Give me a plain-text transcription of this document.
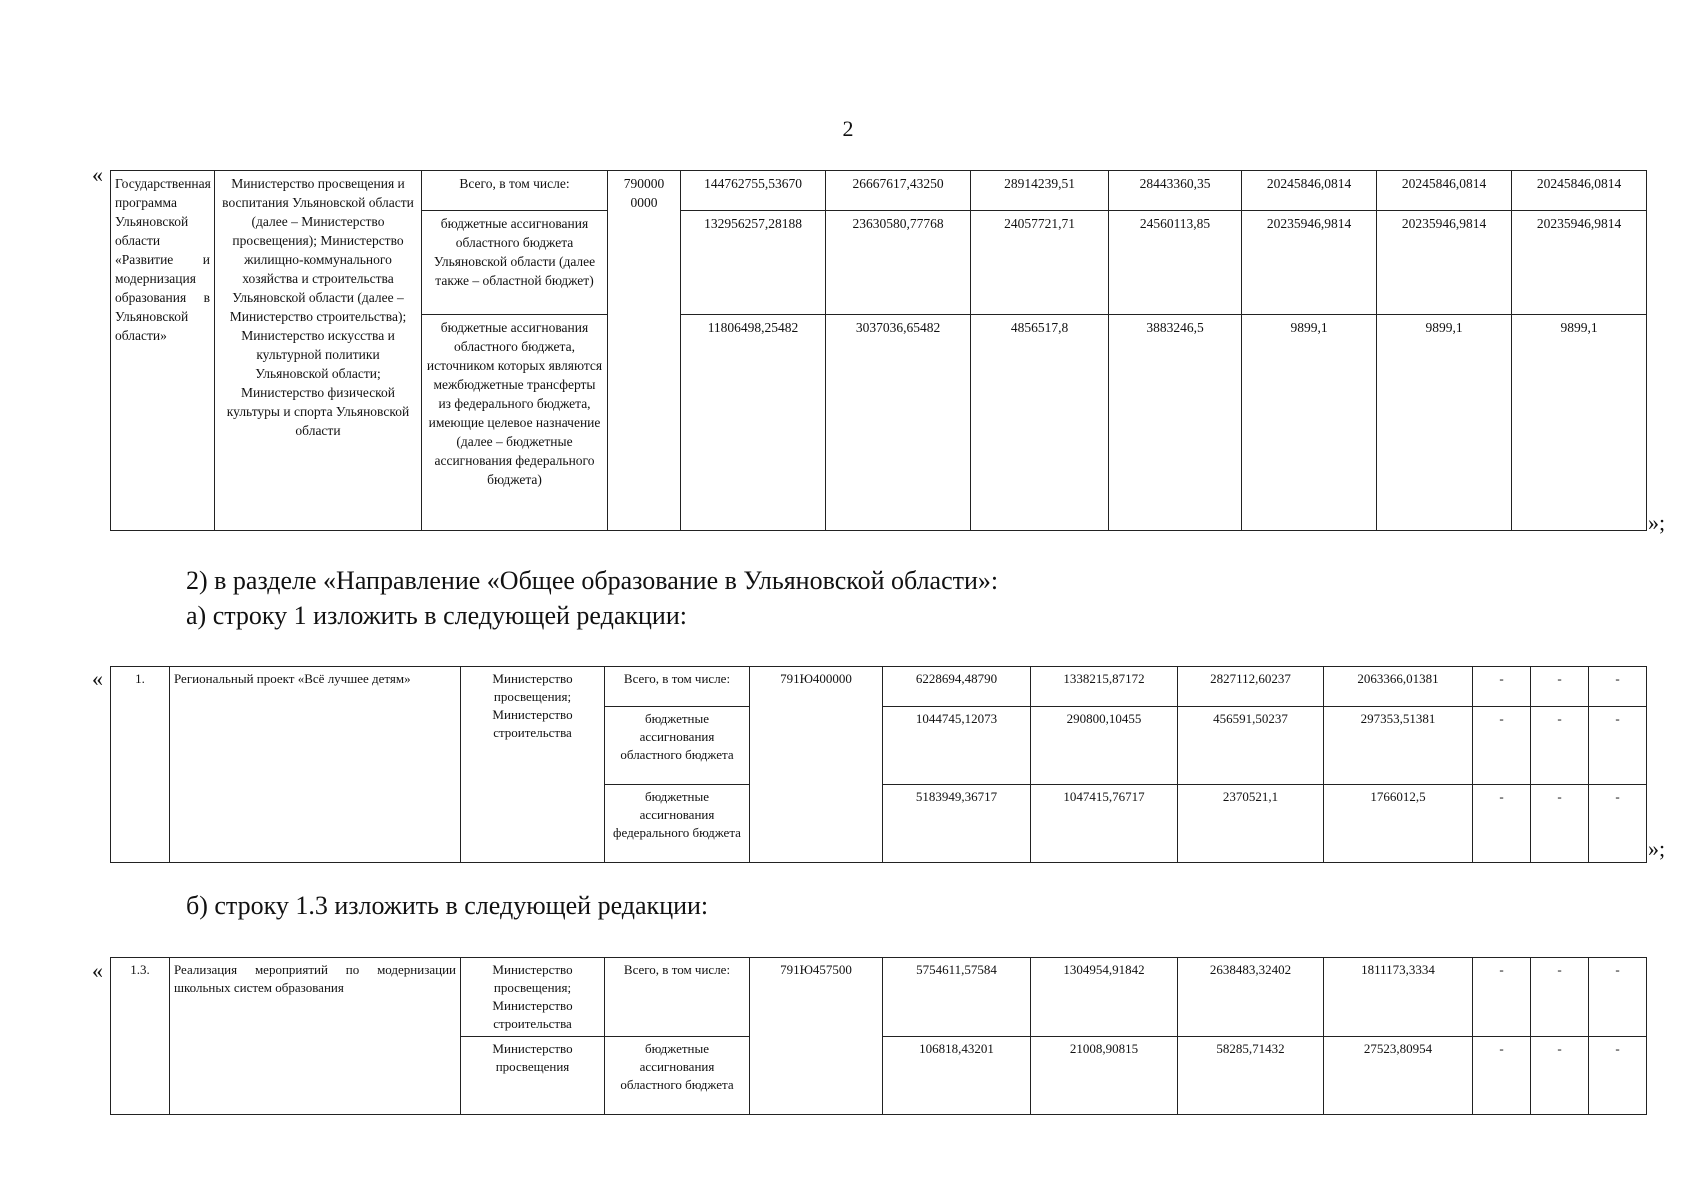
2
« Государственная программа Ульяновской области «Развитие и модернизация образования в Ульяновской области»	Министерство просвещения и воспитания Ульяновской области (далее – Министерство просвещения); Министерство жилищно-коммунального хозяйства и строительства Ульяновской области (далее – Министерство строительства); Министерство искусства и культурной политики Ульяновской области; Министерство физической культуры и спорта Ульяновской области	Всего, в том числе:	790000 0000	144762755,53670	26667617,43250	28914239,51	28443360,35	20245846,0814	20245846,0814	20245846,0814
		бюджетные ассигнования областного бюджета Ульяновской области (далее также – областной бюджет)		132956257,28188	23630580,77768	24057721,71	24560113,85	20235946,9814	20235946,9814	20235946,9814
		бюджетные ассигнования областного бюджета, источником которых являются межбюджетные трансферты из федерального бюджета, имеющие целевое назначение (далее – бюджетные ассигнования федерального бюджета)		11806498,25482	3037036,65482	4856517,8	3883246,5	9899,1	9899,1	9899,1
»;
2) в разделе «Направление «Общее образование в Ульяновской области»:
а) строку 1 изложить в следующей редакции:
« 1.	Региональный проект «Всё лучшее детям»	Министерство просвещения; Министерство строительства	Всего, в том числе:	791Ю400000	6228694,48790	1338215,87172	2827112,60237	2063366,01381	-	-	-
			бюджетные ассигнования областного бюджета		1044745,12073	290800,10455	456591,50237	297353,51381	-	-	-
			бюджетные ассигнования федерального бюджета		5183949,36717	1047415,76717	2370521,1	1766012,5	-	-	-
»;
б) строку 1.3 изложить в следующей редакции:
« 1.3.	Реализация мероприятий по модернизации школьных систем образования	Министерство просвещения; Министерство строительства	Всего, в том числе:	791Ю457500	5754611,57584	1304954,91842	2638483,32402	1811173,3334	-	-	-
		Министерство просвещения	бюджетные ассигнования областного бюджета		106818,43201	21008,90815	58285,71432	27523,80954	-	-	-
